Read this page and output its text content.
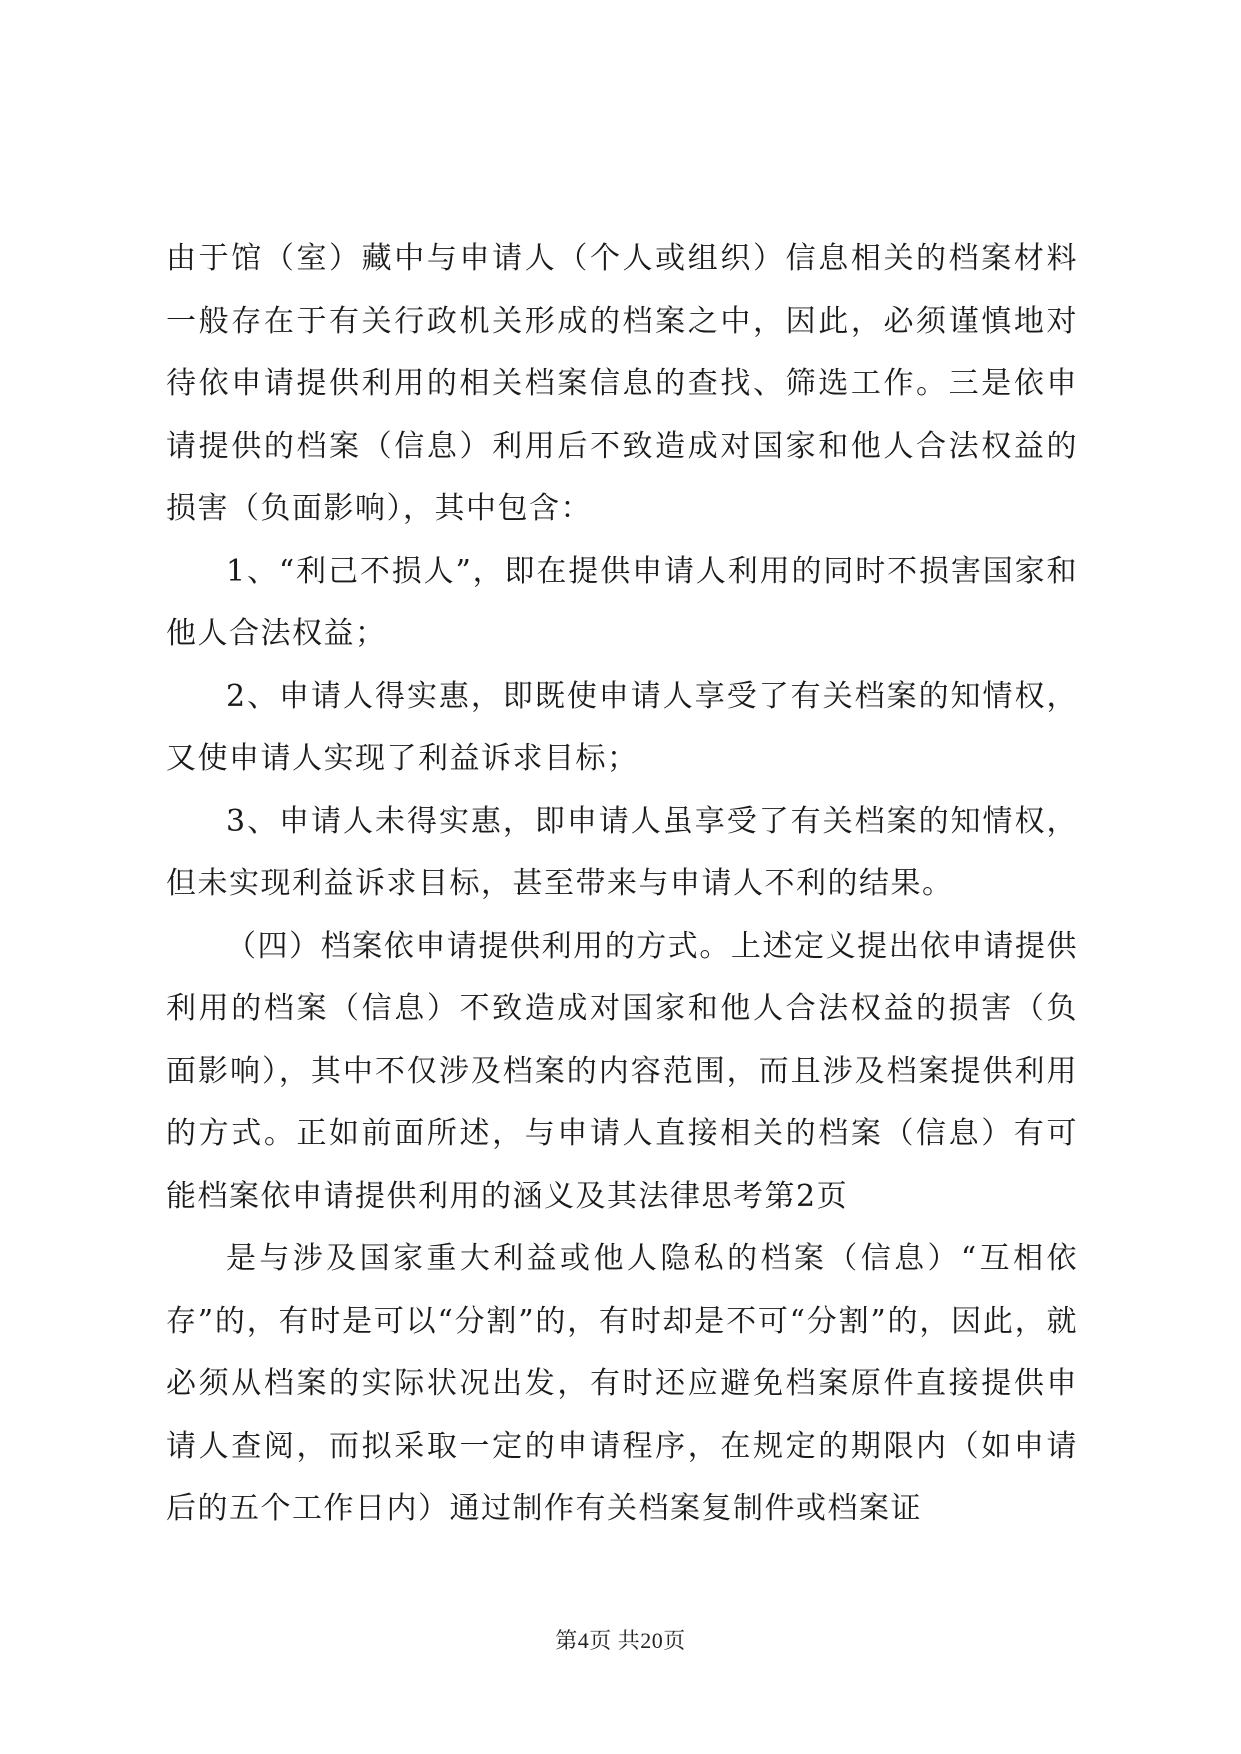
由于馆（室）藏中与申请人（个人或组织）信息相关的档案材料一般存在于有关行政机关形成的档案之中，因此，必须谨慎地对待依申请提供利用的相关档案信息的查找、筛选工作。三是依申请提供的档案（信息）利用后不致造成对国家和他人合法权益的损害（负面影响），其中包含：

1、“利己不损人”，即在提供申请人利用的同时不损害国家和他人合法权益；

2、申请人得实惠，即既使申请人享受了有关档案的知情权，又使申请人实现了利益诉求目标；

3、申请人未得实惠，即申请人虽享受了有关档案的知情权，但未实现利益诉求目标，甚至带来与申请人不利的结果。

（四）档案依申请提供利用的方式。上述定义提出依申请提供利用的档案（信息）不致造成对国家和他人合法权益的损害（负面影响），其中不仅涉及档案的内容范围，而且涉及档案提供利用的方式。正如前面所述，与申请人直接相关的档案（信息）有可能档案依申请提供利用的涵义及其法律思考第2页

是与涉及国家重大利益或他人隐私的档案（信息）“互相依存”的，有时是可以“分割”的，有时却是不可“分割”的，因此，就必须从档案的实际状况出发，有时还应避免档案原件直接提供申请人查阅，而拟采取一定的申请程序，在规定的期限内（如申请后的五个工作日内）通过制作有关档案复制件或档案证

第4页 共20页
